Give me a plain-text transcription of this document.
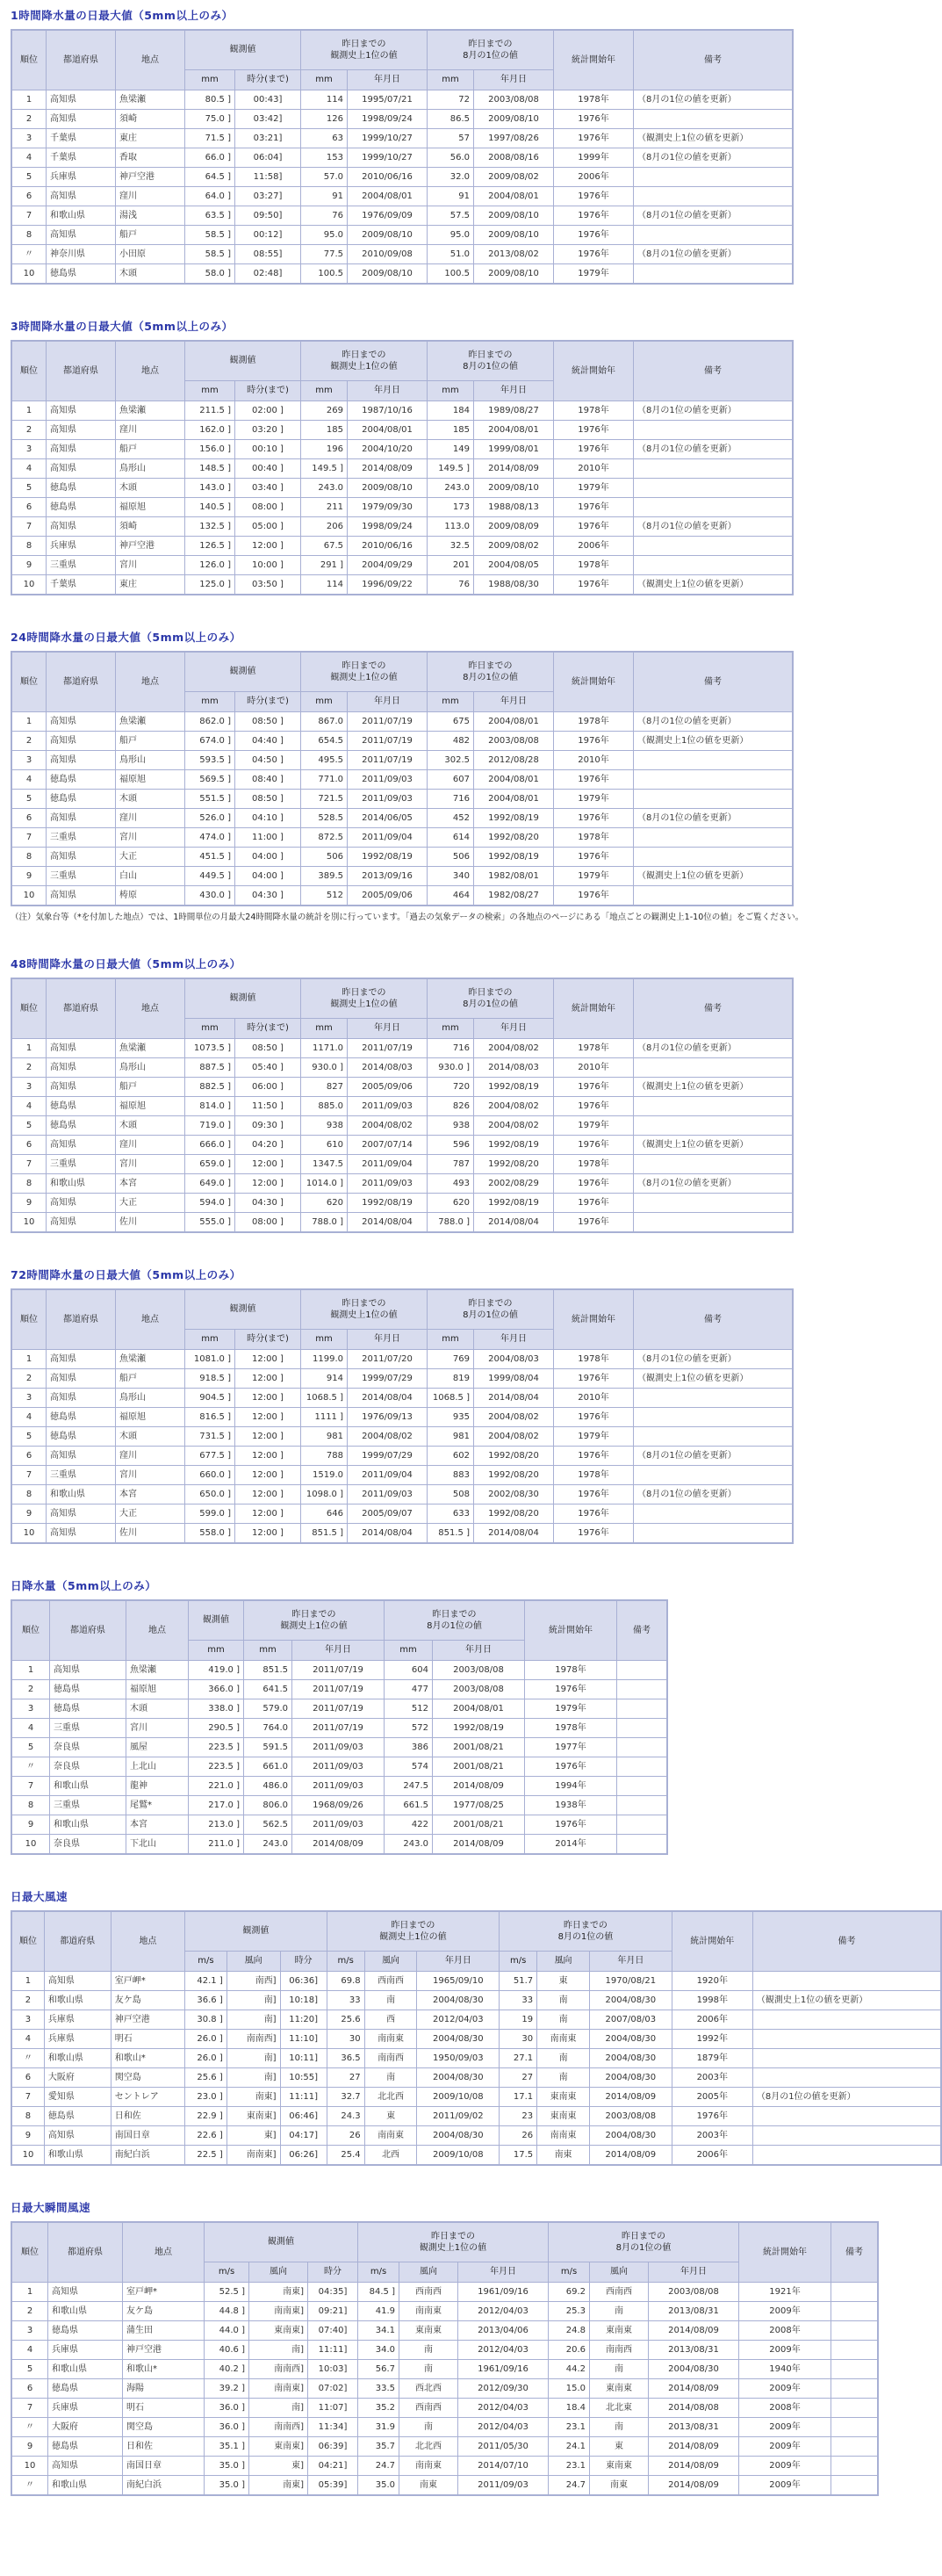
1時間降水量の日最大値（5mm以上のみ）
順位	都道府県	地点	観測値		昨日までの
観測史上1位の値		昨日までの
8月の1位の値		統計開始年	備考
			mm	時分(まで)	mm	年月日	mm	年月日		
1	高知県	魚梁瀬	80.5 ]	00:43]	114	1995/07/21	72	2003/08/08	1978年	（8月の1位の値を更新）
2	高知県	須崎	75.0 ]	03:42]	126	1998/09/24	86.5	2009/08/10	1976年	
3	千葉県	東庄	71.5 ]	03:21]	63	1999/10/27	57	1997/08/26	1976年	（観測史上1位の値を更新）
4	千葉県	香取	66.0 ]	06:04]	153	1999/10/27	56.0	2008/08/16	1999年	（8月の1位の値を更新）
5	兵庫県	神戸空港	64.5 ]	11:58]	57.0	2010/06/16	32.0	2009/08/02	2006年	
6	高知県	窪川	64.0 ]	03:27]	91	2004/08/01	91	2004/08/01	1976年	
7	和歌山県	湯浅	63.5 ]	09:50]	76	1976/09/09	57.5	2009/08/10	1976年	（8月の1位の値を更新）
8	高知県	船戸	58.5 ]	00:12]	95.0	2009/08/10	95.0	2009/08/10	1976年	
〃	神奈川県	小田原	58.5 ]	08:55]	77.5	2010/09/08	51.0	2013/08/02	1976年	（8月の1位の値を更新）
10	徳島県	木頭	58.0 ]	02:48]	100.5	2009/08/10	100.5	2009/08/10	1979年	
3時間降水量の日最大値（5mm以上のみ）
順位	都道府県	地点	観測値		昨日までの
観測史上1位の値		昨日までの
8月の1位の値		統計開始年	備考
			mm	時分(まで)	mm	年月日	mm	年月日		
1	高知県	魚梁瀬	211.5 ]	02:00 ]	269	1987/10/16	184	1989/08/27	1978年	（8月の1位の値を更新）
2	高知県	窪川	162.0 ]	03:20 ]	185	2004/08/01	185	2004/08/01	1976年	
3	高知県	船戸	156.0 ]	00:10 ]	196	2004/10/20	149	1999/08/01	1976年	（8月の1位の値を更新）
4	高知県	鳥形山	148.5 ]	00:40 ]	149.5 ]	2014/08/09	149.5 ]	2014/08/09	2010年	
5	徳島県	木頭	143.0 ]	03:40 ]	243.0	2009/08/10	243.0	2009/08/10	1979年	
6	徳島県	福原旭	140.5 ]	08:00 ]	211	1979/09/30	173	1988/08/13	1976年	
7	高知県	須崎	132.5 ]	05:00 ]	206	1998/09/24	113.0	2009/08/09	1976年	（8月の1位の値を更新）
8	兵庫県	神戸空港	126.5 ]	12:00 ]	67.5	2010/06/16	32.5	2009/08/02	2006年	
9	三重県	宮川	126.0 ]	10:00 ]	291 ]	2004/09/29	201	2004/08/05	1978年	
10	千葉県	東庄	125.0 ]	03:50 ]	114	1996/09/22	76	1988/08/30	1976年	（観測史上1位の値を更新）
24時間降水量の日最大値（5mm以上のみ）
順位	都道府県	地点	観測値		昨日までの
観測史上1位の値		昨日までの
8月の1位の値		統計開始年	備考
			mm	時分(まで)	mm	年月日	mm	年月日		
1	高知県	魚梁瀬	862.0 ]	08:50 ]	867.0	2011/07/19	675	2004/08/01	1978年	（8月の1位の値を更新）
2	高知県	船戸	674.0 ]	04:40 ]	654.5	2011/07/19	482	2003/08/08	1976年	（観測史上1位の値を更新）
3	高知県	鳥形山	593.5 ]	04:50 ]	495.5	2011/07/19	302.5	2012/08/28	2010年	
4	徳島県	福原旭	569.5 ]	08:40 ]	771.0	2011/09/03	607	2004/08/01	1976年	
5	徳島県	木頭	551.5 ]	08:50 ]	721.5	2011/09/03	716	2004/08/01	1979年	
6	高知県	窪川	526.0 ]	04:10 ]	528.5	2014/06/05	452	1992/08/19	1976年	（8月の1位の値を更新）
7	三重県	宮川	474.0 ]	11:00 ]	872.5	2011/09/04	614	1992/08/20	1978年	
8	高知県	大正	451.5 ]	04:00 ]	506	1992/08/19	506	1992/08/19	1976年	
9	三重県	白山	449.5 ]	04:00 ]	389.5	2013/09/16	340	1982/08/01	1979年	（観測史上1位の値を更新）
10	高知県	梼原	430.0 ]	04:30 ]	512	2005/09/06	464	1982/08/27	1976年	
（注）気象台等（*を付加した地点）では、1時間単位の月最大24時間降水量の統計を別に行っています。「過去の気象データの検索」の各地点のページにある「地点ごとの観測史上1-10位の値」をご覧ください。
48時間降水量の日最大値（5mm以上のみ）
順位	都道府県	地点	観測値		昨日までの
観測史上1位の値		昨日までの
8月の1位の値		統計開始年	備考
			mm	時分(まで)	mm	年月日	mm	年月日		
1	高知県	魚梁瀬	1073.5 ]	08:50 ]	1171.0	2011/07/19	716	2004/08/02	1978年	（8月の1位の値を更新）
2	高知県	鳥形山	887.5 ]	05:40 ]	930.0 ]	2014/08/03	930.0 ]	2014/08/03	2010年	
3	高知県	船戸	882.5 ]	06:00 ]	827	2005/09/06	720	1992/08/19	1976年	（観測史上1位の値を更新）
4	徳島県	福原旭	814.0 ]	11:50 ]	885.0	2011/09/03	826	2004/08/02	1976年	
5	徳島県	木頭	719.0 ]	09:30 ]	938	2004/08/02	938	2004/08/02	1979年	
6	高知県	窪川	666.0 ]	04:20 ]	610	2007/07/14	596	1992/08/19	1976年	（観測史上1位の値を更新）
7	三重県	宮川	659.0 ]	12:00 ]	1347.5	2011/09/04	787	1992/08/20	1978年	
8	和歌山県	本宮	649.0 ]	12:00 ]	1014.0 ]	2011/09/03	493	2002/08/29	1976年	（8月の1位の値を更新）
9	高知県	大正	594.0 ]	04:30 ]	620	1992/08/19	620	1992/08/19	1976年	
10	高知県	佐川	555.0 ]	08:00 ]	788.0 ]	2014/08/04	788.0 ]	2014/08/04	1976年	
72時間降水量の日最大値（5mm以上のみ）
順位	都道府県	地点	観測値		昨日までの
観測史上1位の値		昨日までの
8月の1位の値		統計開始年	備考
			mm	時分(まで)	mm	年月日	mm	年月日		
1	高知県	魚梁瀬	1081.0 ]	12:00 ]	1199.0	2011/07/20	769	2004/08/03	1978年	（8月の1位の値を更新）
2	高知県	船戸	918.5 ]	12:00 ]	914	1999/07/29	819	1999/08/04	1976年	（観測史上1位の値を更新）
3	高知県	鳥形山	904.5 ]	12:00 ]	1068.5 ]	2014/08/04	1068.5 ]	2014/08/04	2010年	
4	徳島県	福原旭	816.5 ]	12:00 ]	1111 ]	1976/09/13	935	2004/08/02	1976年	
5	徳島県	木頭	731.5 ]	12:00 ]	981	2004/08/02	981	2004/08/02	1979年	
6	高知県	窪川	677.5 ]	12:00 ]	788	1999/07/29	602	1992/08/20	1976年	（8月の1位の値を更新）
7	三重県	宮川	660.0 ]	12:00 ]	1519.0	2011/09/04	883	1992/08/20	1978年	
8	和歌山県	本宮	650.0 ]	12:00 ]	1098.0 ]	2011/09/03	508	2002/08/30	1976年	（8月の1位の値を更新）
9	高知県	大正	599.0 ]	12:00 ]	646	2005/09/07	633	1992/08/20	1976年	
10	高知県	佐川	558.0 ]	12:00 ]	851.5 ]	2014/08/04	851.5 ]	2014/08/04	1976年	
日降水量（5mm以上のみ）
順位	都道府県	地点	観測値	昨日までの
観測史上1位の値		昨日までの
8月の1位の値		統計開始年	備考
			mm	mm	年月日	mm	年月日		
1	高知県	魚梁瀬	419.0 ]	851.5	2011/07/19	604	2003/08/08	1978年	
2	徳島県	福原旭	366.0 ]	641.5	2011/07/19	477	2003/08/08	1976年	
3	徳島県	木頭	338.0 ]	579.0	2011/07/19	512	2004/08/01	1979年	
4	三重県	宮川	290.5 ]	764.0	2011/07/19	572	1992/08/19	1978年	
5	奈良県	風屋	223.5 ]	591.5	2011/09/03	386	2001/08/21	1977年	
〃	奈良県	上北山	223.5 ]	661.0	2011/09/03	574	2001/08/21	1976年	
7	和歌山県	龍神	221.0 ]	486.0	2011/09/03	247.5	2014/08/09	1994年	
8	三重県	尾鷲*	217.0 ]	806.0	1968/09/26	661.5	1977/08/25	1938年	
9	和歌山県	本宮	213.0 ]	562.5	2011/09/03	422	2001/08/21	1976年	
10	奈良県	下北山	211.0 ]	243.0	2014/08/09	243.0	2014/08/09	2014年	
日最大風速
順位	都道府県	地点	観測値			昨日までの
観測史上1位の値			昨日までの
8月の1位の値			統計開始年	備考
			m/s	風向	時分	m/s	風向	年月日	m/s	風向	年月日		
1	高知県	室戸岬*	42.1 ]	南西]	06:36]	69.8	西南西	1965/09/10	51.7	東	1970/08/21	1920年	
2	和歌山県	友ケ島	36.6 ]	南]	10:18]	33	南	2004/08/30	33	南	2004/08/30	1998年	（観測史上1位の値を更新）
3	兵庫県	神戸空港	30.8 ]	南]	11:20]	25.6	西	2012/04/03	19	南	2007/08/03	2006年	
4	兵庫県	明石	26.0 ]	南南西]	11:10]	30	南南東	2004/08/30	30	南南東	2004/08/30	1992年	
〃	和歌山県	和歌山*	26.0 ]	南]	10:11]	36.5	南南西	1950/09/03	27.1	南	2004/08/30	1879年	
6	大阪府	関空島	25.6 ]	南]	10:55]	27	南	2004/08/30	27	南	2004/08/30	2003年	
7	愛知県	セントレア	23.0 ]	南東]	11:11]	32.7	北北西	2009/10/08	17.1	東南東	2014/08/09	2005年	（8月の1位の値を更新）
8	徳島県	日和佐	22.9 ]	東南東]	06:46]	24.3	東	2011/09/02	23	東南東	2003/08/08	1976年	
9	高知県	南国日章	22.6 ]	東]	04:17]	26	南南東	2004/08/30	26	南南東	2004/08/30	2003年	
10	和歌山県	南紀白浜	22.5 ]	南南東]	06:26]	25.4	北西	2009/10/08	17.5	南東	2014/08/09	2006年	
日最大瞬間風速
順位	都道府県	地点	観測値			昨日までの
観測史上1位の値			昨日までの
8月の1位の値			統計開始年	備考
			m/s	風向	時分	m/s	風向	年月日	m/s	風向	年月日		
1	高知県	室戸岬*	52.5 ]	南東]	04:35]	84.5 ]	西南西	1961/09/16	69.2	西南西	2003/08/08	1921年	
2	和歌山県	友ケ島	44.8 ]	南南東]	09:21]	41.9	南南東	2012/04/03	25.3	南	2013/08/31	2009年	
3	徳島県	蒲生田	44.0 ]	東南東]	07:40]	34.1	東南東	2013/04/06	24.8	東南東	2014/08/09	2008年	
4	兵庫県	神戸空港	40.6 ]	南]	11:11]	34.0	南	2012/04/03	20.6	南南西	2013/08/31	2009年	
5	和歌山県	和歌山*	40.2 ]	南南西]	10:03]	56.7	南	1961/09/16	44.2	南	2004/08/30	1940年	
6	徳島県	海陽	39.2 ]	南南東]	07:02]	33.5	西北西	2012/09/30	15.0	東南東	2014/08/09	2009年	
7	兵庫県	明石	36.0 ]	南]	11:07]	35.2	西南西	2012/04/03	18.4	北北東	2014/08/08	2008年	
〃	大阪府	関空島	36.0 ]	南南西]	11:34]	31.9	南	2012/04/03	23.1	南	2013/08/31	2009年	
9	徳島県	日和佐	35.1 ]	東南東]	06:39]	35.7	北北西	2011/05/30	24.1	東	2014/08/09	2009年	
10	高知県	南国日章	35.0 ]	東]	04:21]	24.7	南南東	2014/07/10	23.1	東南東	2014/08/09	2009年	
〃	和歌山県	南紀白浜	35.0 ]	南東]	05:39]	35.0	南東	2011/09/03	24.7	南東	2014/08/09	2009年	
